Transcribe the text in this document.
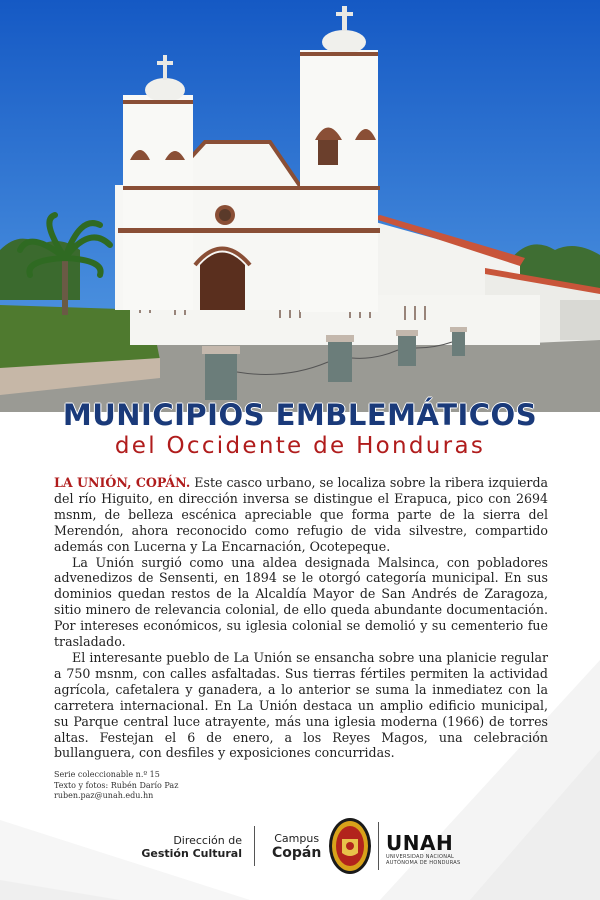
MUNICIPIOS EMBLEMÁTICOS
del Occidente de Honduras

LA UNIÓN, COPÁN. Este casco urbano, se localiza sobre la ribera izquierda del río Higuito, en dirección inversa se distingue el Erapuca, pico con 2694 msnm, de belleza escénica apreciable que forma parte de la sierra del Merendón, ahora reconocido como refugio de vida silvestre, compartido además con Lucerna y La Encarnación, Ocotepeque.

La Unión surgió como una aldea designada Malsinca, con pobladores advenedizos de Sensenti, en 1894 se le otorgó categoría municipal. En sus dominios quedan restos de la Alcaldía Mayor de San Andrés de Zaragoza, sitio minero de relevancia colonial, de ello queda abundante documentación. Por intereses económicos, su iglesia colonial se demolió y su cementerio fue trasladado.

El interesante pueblo de La Unión se ensancha sobre una planicie regular a 750 msnm, con calles asfaltadas. Sus tierras fértiles permiten la actividad agrícola, cafetalera y ganadera, a lo anterior se suma la inmediatez con la carretera internacional. En La Unión destaca un amplio edificio municipal, su Parque central luce atrayente, más una iglesia moderna (1966) de torres altas. Festejan el 6 de enero, a los Reyes Magos, una celebración bullanguera, con desfiles y exposiciones concurridas.

Serie coleccionable n.º 15
Texto y fotos: Rubén Darío Paz
ruben.paz@unah.edu.hn
Dirección de
Gestión Cultural
Campus
Copán	UNAH
UNIVERSIDAD NACIONAL
AUTÓNOMA DE HONDURAS
